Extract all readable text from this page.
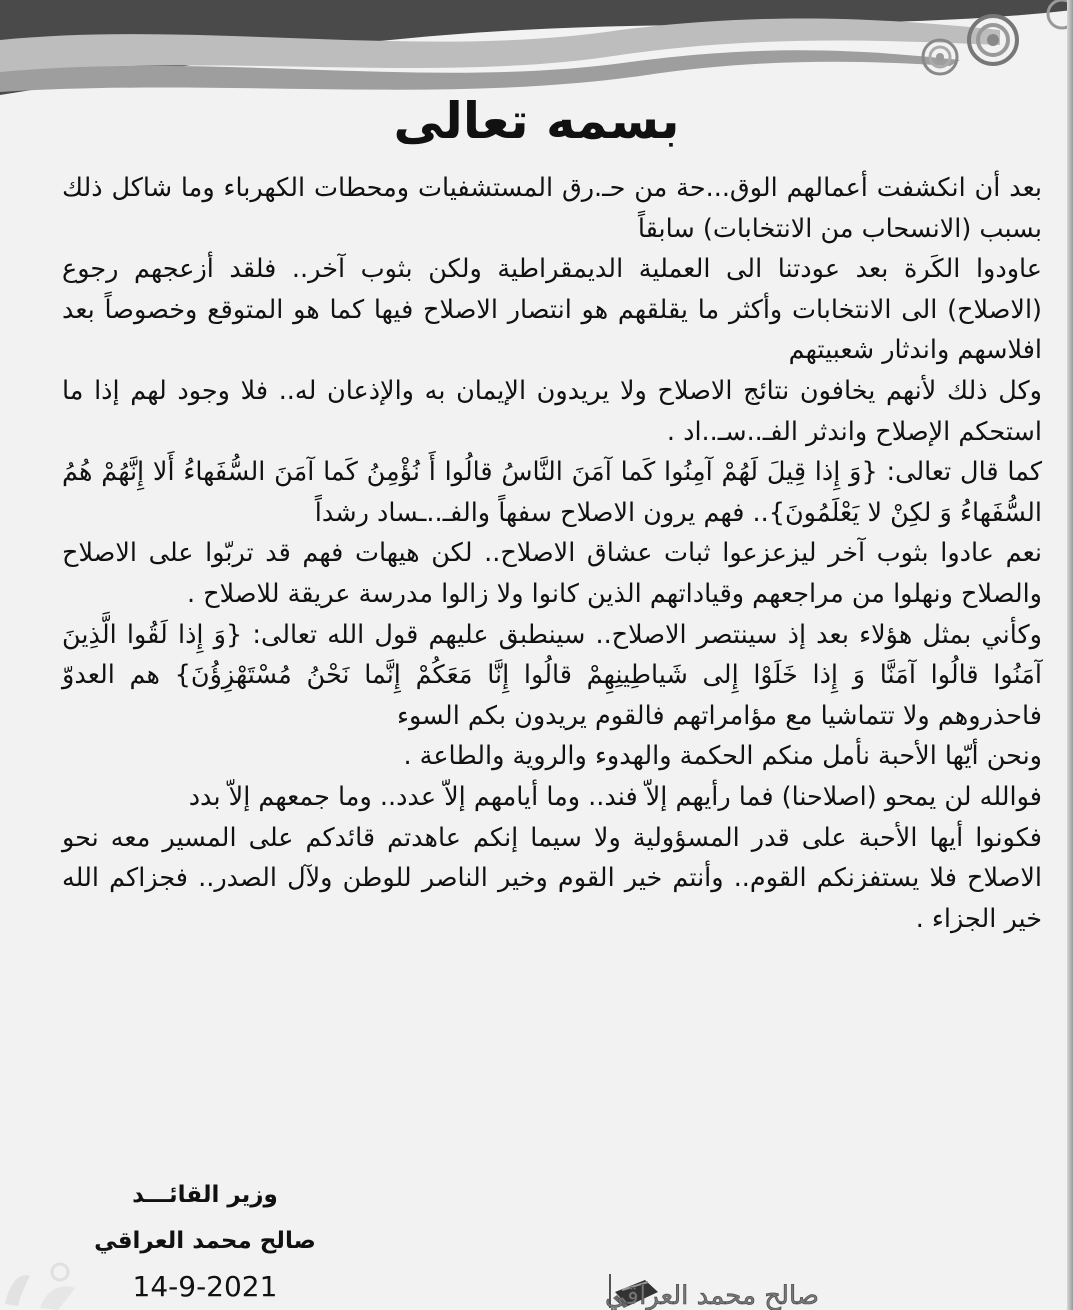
بسمه تعالى

بعد أن انكشفت أعمالهم الوق...حة من حـ.رق المستشفيات ومحطات الكهرباء وما شاكل ذلك بسبب (الانسحاب من الانتخابات) سابقاً

عاودوا الكَرة بعد عودتنا الى العملية الديمقراطية ولكن بثوب آخر.. فلقد أزعجهم رجوع (الاصلاح) الى الانتخابات وأكثر ما يقلقهم هو انتصار الاصلاح فيها كما هو المتوقع وخصوصاً بعد افلاسهم واندثار شعبيتهم

وكل ذلك لأنهم يخافون نتائج الاصلاح ولا يريدون الإيمان به والإذعان له.. فلا وجود لهم إذا ما استحكم الإصلاح واندثر الفـ..سـ..اد .

كما قال تعالى: {وَ إِذا قِيلَ لَهُمْ آمِنُوا كَما آمَنَ النَّاسُ قالُوا أَ نُؤْمِنُ كَما آمَنَ السُّفَهاءُ أَلا إِنَّهُمْ هُمُ السُّفَهاءُ وَ لكِنْ لا يَعْلَمُونَ}.. فهم يرون الاصلاح سفهاً والفـ..ـساد رشداً

نعم عادوا بثوب آخر ليزعزعوا ثبات عشاق الاصلاح.. لكن هيهات فهم قد تربّوا على الاصلاح والصلاح ونهلوا من مراجعهم وقياداتهم الذين كانوا ولا زالوا مدرسة عريقة للاصلاح .

وكأني بمثل هؤلاء بعد إذ سينتصر الاصلاح.. سينطبق عليهم قول الله تعالى: {وَ إِذا لَقُوا الَّذِينَ آمَنُوا قالُوا آمَنَّا وَ إِذا خَلَوْا إِلى شَياطِينِهِمْ قالُوا إِنَّا مَعَكُمْ إِنَّما نَحْنُ مُسْتَهْزِؤُنَ} هم العدوّ فاحذروهم ولا تتماشيا مع مؤامراتهم فالقوم يريدون بكم السوء

ونحن أيّها الأحبة نأمل منكم الحكمة والهدوء والروية والطاعة .

فوالله لن يمحو (اصلاحنا) فما رأيهم إلاّ فند.. وما أيامهم إلاّ عدد.. وما جمعهم إلاّ بدد

فكونوا أيها الأحبة على قدر المسؤولية ولا سيما إنكم عاهدتم قائدكم على المسير معه نحو الاصلاح فلا يستفزنكم القوم.. وأنتم خير القوم وخير الناصر للوطن ولآل الصدر.. فجزاكم الله خير الجزاء .

وزير القائـــد
صالح محمد العراقي
14-9-2021	صالح محمد العراقي
